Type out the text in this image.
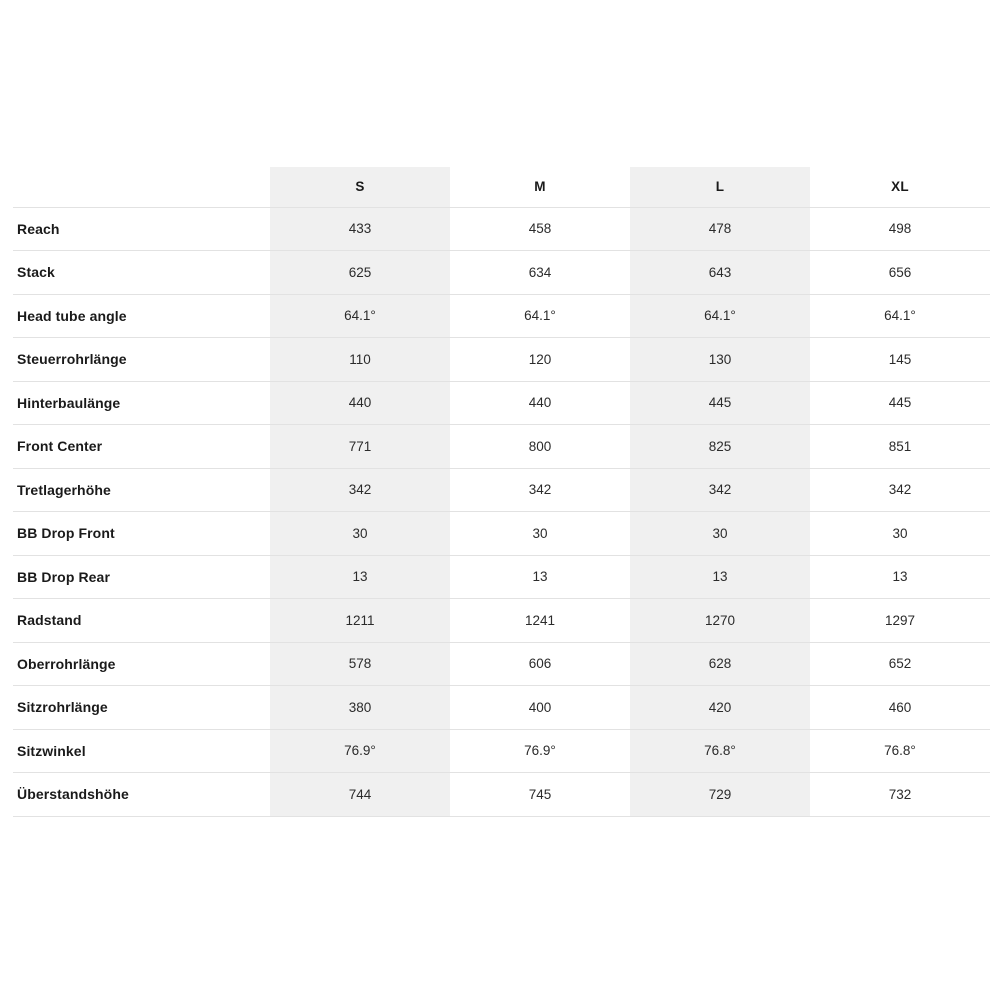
	S	M	L	XL
Reach	433	458	478	498
Stack	625	634	643	656
Head tube angle	64.1°	64.1°	64.1°	64.1°
Steuerrohrlänge	110	120	130	145
Hinterbaulänge	440	440	445	445
Front Center	771	800	825	851
Tretlagerhöhe	342	342	342	342
BB Drop Front	30	30	30	30
BB Drop Rear	13	13	13	13
Radstand	1211	1241	1270	1297
Oberrohrlänge	578	606	628	652
Sitzrohrlänge	380	400	420	460
Sitzwinkel	76.9°	76.9°	76.8°	76.8°
Überstandshöhe	744	745	729	732
